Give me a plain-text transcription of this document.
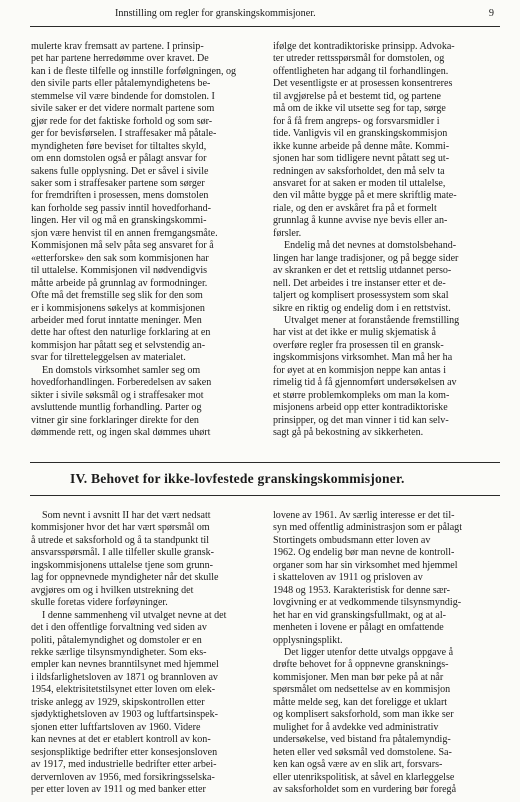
Innstilling om regler for granskingskommisjoner.	9

mulerte krav fremsatt av partene. I prinsip-
pet har partene herredømme over kravet. De
kan i de fleste tilfelle og innstille forfølgningen, og
den sivile parts eller påtalemyndighetens be-
stemmelse vil være bindende for domstolen. I
sivile saker er det videre normalt partene som
gjør rede for det faktiske forhold og som sør-
ger for bevisførselen. I straffesaker må påtale-
myndigheten føre beviset for tiltaltes skyld,
om enn domstolen også er pålagt ansvar for
sakens fulle opplysning. Det er såvel i sivile
saker som i straffesaker partene som sørger
for fremdriften i prosessen, mens domstolen
kan forholde seg passiv inntil hovedforhand-
lingen. Her vil og må en granskingskommi-
sjon være henvist til en annen fremgangsmåte.
Kommisjonen må selv påta seg ansvaret for å
«etterforske» den sak som kommisjonen har
til uttalelse. Kommisjonen vil nødvendigvis
måtte arbeide på grunnlag av formodninger.
Ofte må det fremstille seg slik for den som
er i kommisjonens søkelys at kommisjonen
arbeider med forut inntatte meninger. Men
dette har oftest den naturlige forklaring at en
kommisjon har påtatt seg et selvstendig an-
svar for tilretteleggelsen av materialet.

En domstols virksomhet samler seg om
hovedforhandlingen. Forberedelsen av saken
sikter i sivile søksmål og i straffesaker mot
avsluttende muntlig forhandling. Parter og
vitner gir sine forklaringer direkte for den
dømmende rett, og ingen skal dømmes uhørt

ifølge det kontradiktoriske prinsipp. Advoka-
ter utreder rettsspørsmål for domstolen, og
offentligheten har adgang til forhandlingen.
Det vesentligste er at prosessen konsentreres
til avgjørelse på et bestemt tid, og partene
må om de ikke vil utsette seg for tap, sørge
for å få frem angreps- og forsvarsmidler i
tide. Vanligvis vil en granskingskommisjon
ikke kunne arbeide på denne måte. Kommi-
sjonen har som tidligere nevnt påtatt seg ut-
redningen av saksforholdet, den må selv ta
ansvaret for at saken er moden til uttalelse,
den vil måtte bygge på et mere skriftlig mate-
riale, og den er avskåret fra på et formelt
grunnlag å kunne avvise nye bevis eller an-
førsler.

Endelig må det nevnes at domstolsbehand-
lingen har lange tradisjoner, og på begge sider
av skranken er det et rettslig utdannet perso-
nell. Det arbeides i tre instanser etter et de-
taljert og komplisert prosessystem som skal
sikre en riktig og endelig dom i en rettstvist.

Utvalget mener at foranstående fremstilling
har vist at det ikke er mulig skjematisk å
overføre regler fra prosessen til en gransk-
ingskommisjons virksomhet. Man må her ha
for øyet at en kommisjon neppe kan antas i
rimelig tid å få gjennomført undersøkelsen av
et større problemkompleks om man la kom-
misjonens arbeid opp etter kontradiktoriske
prinsipper, og det man vinner i tid kan selv-
sagt gå på bekostning av sikkerheten.

IV. Behovet for ikke-lovfestede granskingskommisjoner.

Som nevnt i avsnitt II har det vært nedsatt
kommisjoner hvor det har vært spørsmål om
å utrede et saksforhold og å ta standpunkt til
ansvarsspørsmål. I alle tilfeller skulle gransk-
ingskommisjonens uttalelse tjene som grunn-
lag for oppnevnede myndigheter når det skulle
avgjøres om og i hvilken utstrekning det
skulle foretas videre forføyninger.

I denne sammenheng vil utvalget nevne at det
det i den offentlige forvaltning ved siden av
politi, påtalemyndighet og domstoler er en
rekke særlige tilsynsmyndigheter. Som eks-
empler kan nevnes branntilsynet med hjemmel
i ildsfarlighetsloven av 1871 og brannloven av
1954, elektrisitetstilsynet etter loven om elek-
triske anlegg av 1929, skipskontrollen etter
sjødyktighetsloven av 1903 og luftfartsinspek-
sjonen etter luftfartsloven av 1960. Videre
kan nevnes at det er etablert kontroll av kon-
sesjonspliktige bedrifter etter konsesjonsloven
av 1917, med industrielle bedrifter etter arbei-
dervernloven av 1956, med forsikringsselska-
per etter loven av 1911 og med banker etter

lovene av 1961. Av særlig interesse er det til-
syn med offentlig administrasjon som er pålagt
Stortingets ombudsmann etter loven av
1962. Og endelig bør man nevne de kontroll-
organer som har sin virksomhet med hjemmel
i skatteloven av 1911 og prisloven av
1948 og 1953. Karakteristisk for denne sær-
lovgivning er at vedkommende tilsynsmyndig-
het har en vid granskingsfullmakt, og at al-
menheten i lovene er pålagt en omfattende
opplysningsplikt.

Det ligger utenfor dette utvalgs oppgave å
drøfte behovet for å oppnevne gransknings-
kommisjoner. Men man bør peke på at når
spørsmålet om nedsettelse av en kommisjon
måtte melde seg, kan det foreligge et uklart
og komplisert saksforhold, som man ikke ser
mulighet for å avdekke ved administrativ
undersøkelse, ved bistand fra påtalemyndig-
heten eller ved søksmål ved domstolene. Sa-
ken kan også være av en slik art, forsvars-
eller utenrikspolitisk, at såvel en klarleggelse
av saksforholdet som en vurdering bør foregå
